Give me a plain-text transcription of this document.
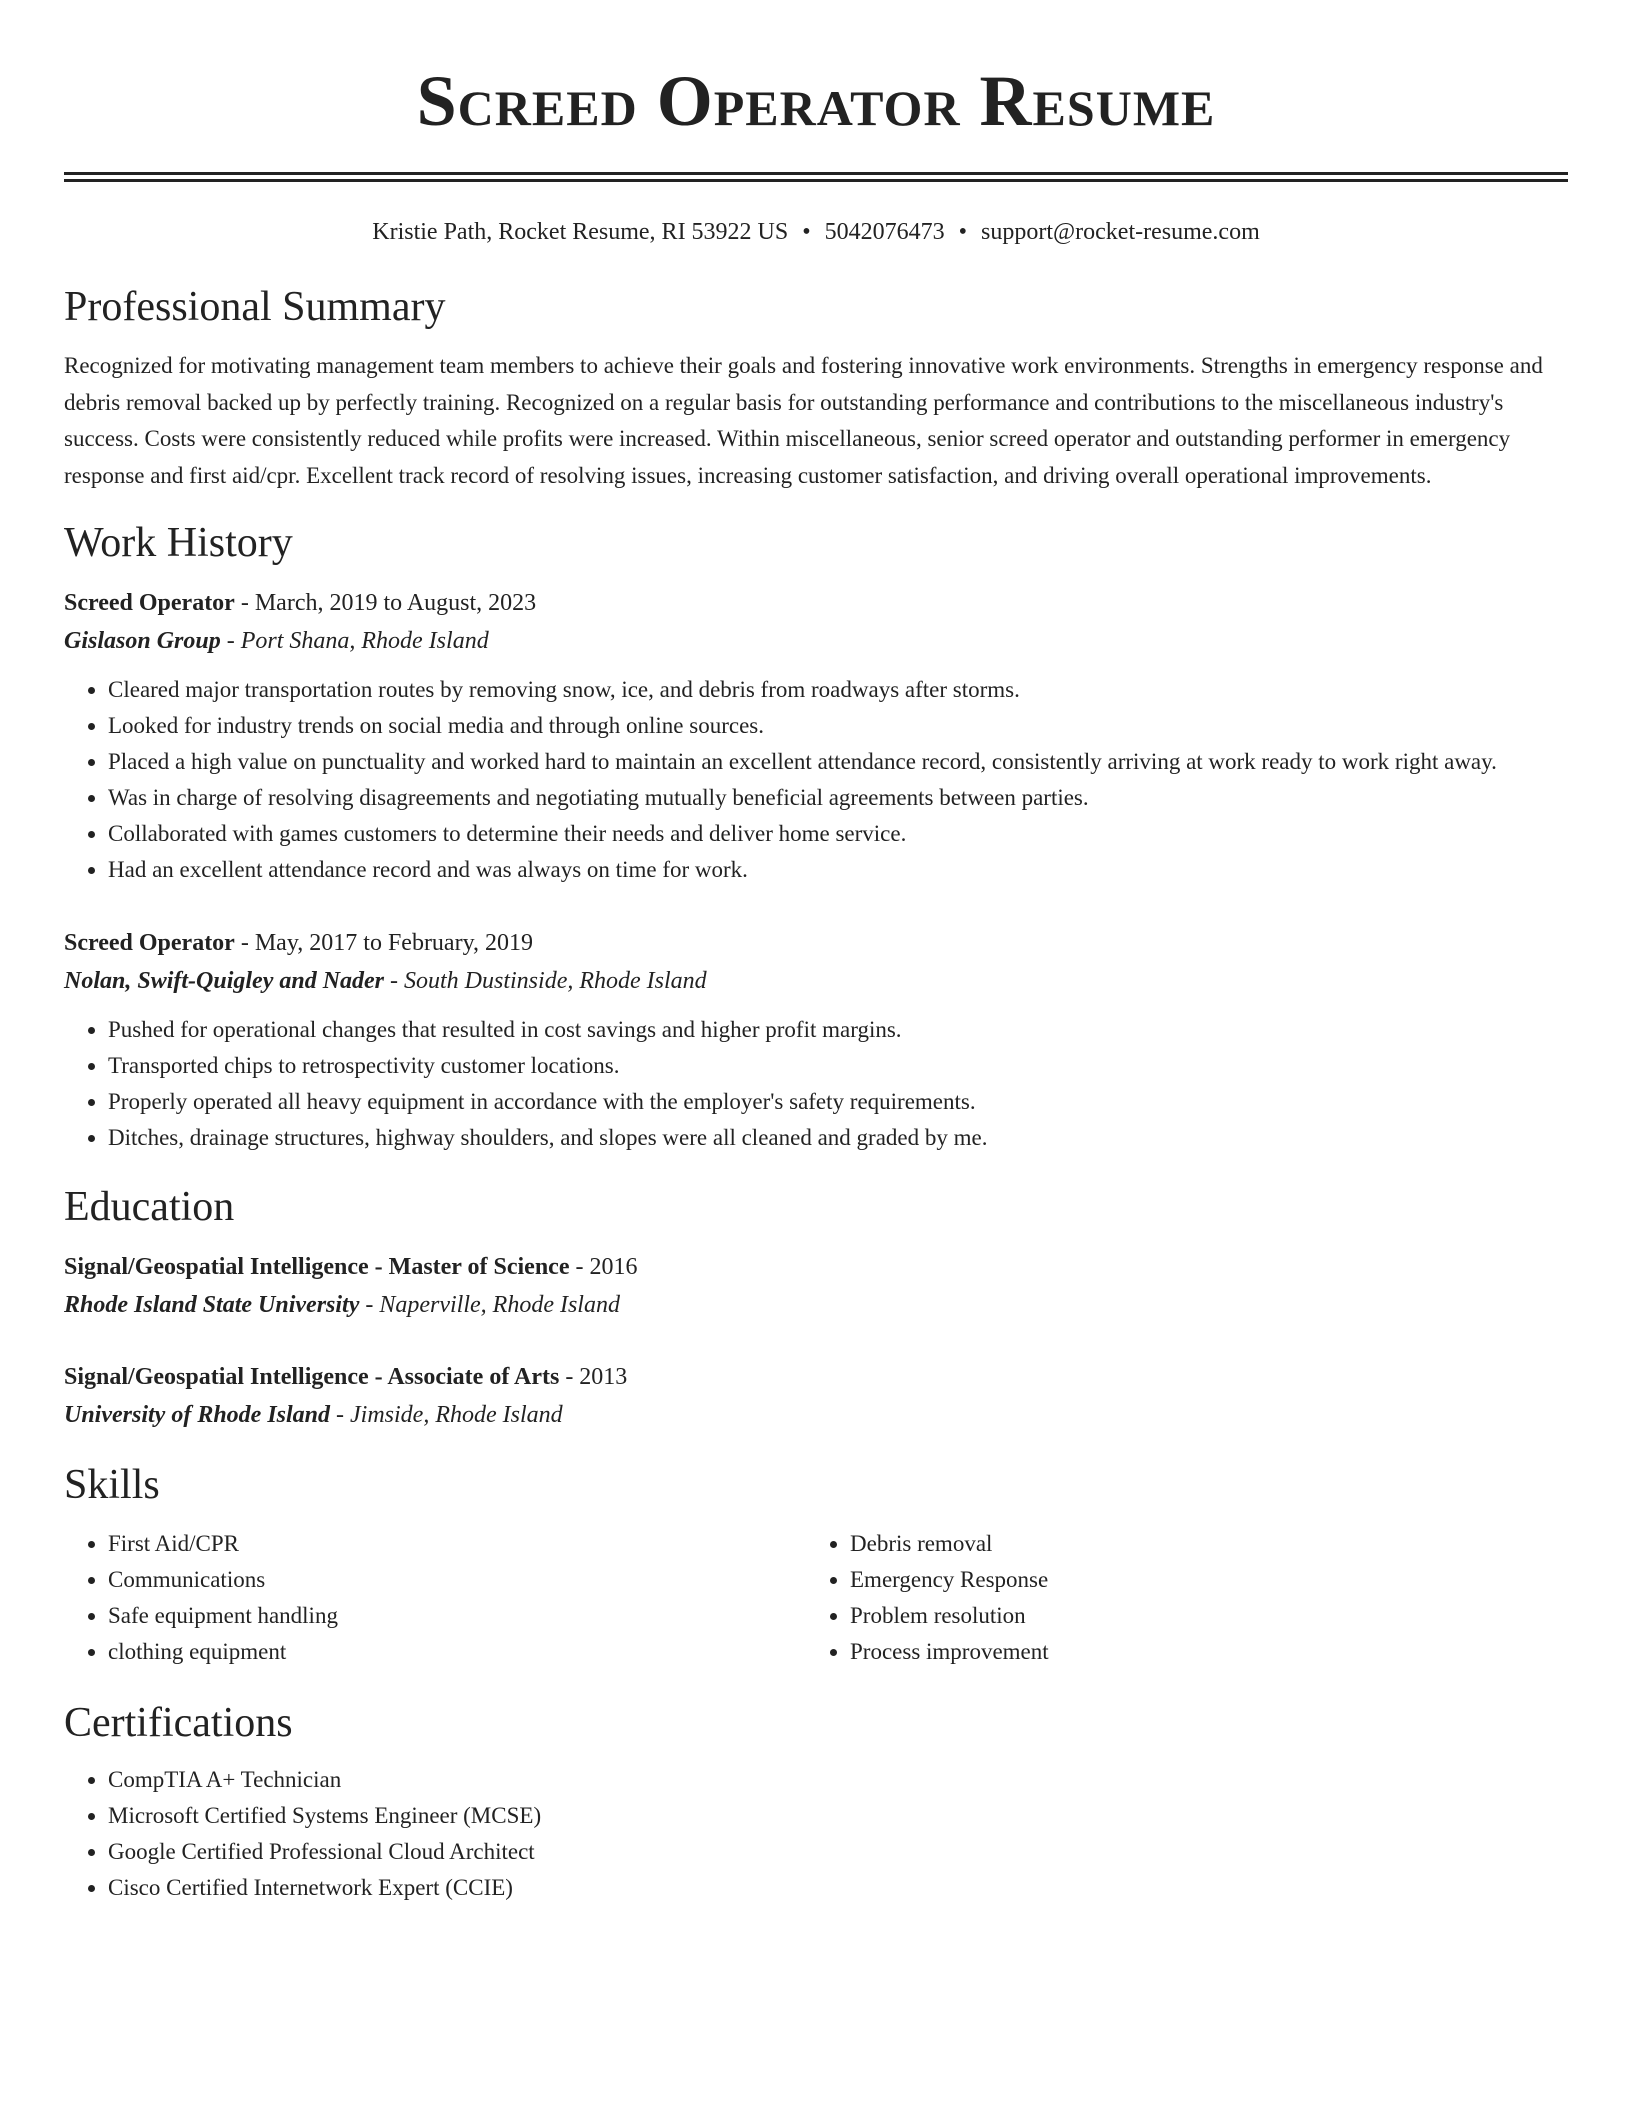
Screed Operator Resume
Kristie Path, Rocket Resume, RI 53922 US • 5042076473 • support@rocket-resume.com
Professional Summary
Recognized for motivating management team members to achieve their goals and fostering innovative work environments. Strengths in emergency response and debris removal backed up by perfectly training. Recognized on a regular basis for outstanding performance and contributions to the miscellaneous industry's success. Costs were consistently reduced while profits were increased. Within miscellaneous, senior screed operator and outstanding performer in emergency response and first aid/cpr. Excellent track record of resolving issues, increasing customer satisfaction, and driving overall operational improvements.
Work History
Screed Operator - March, 2019 to August, 2023
Gislason Group - Port Shana, Rhode Island
• Cleared major transportation routes by removing snow, ice, and debris from roadways after storms.
• Looked for industry trends on social media and through online sources.
• Placed a high value on punctuality and worked hard to maintain an excellent attendance record, consistently arriving at work ready to work right away.
• Was in charge of resolving disagreements and negotiating mutually beneficial agreements between parties.
• Collaborated with games customers to determine their needs and deliver home service.
• Had an excellent attendance record and was always on time for work.
Screed Operator - May, 2017 to February, 2019
Nolan, Swift-Quigley and Nader - South Dustinside, Rhode Island
• Pushed for operational changes that resulted in cost savings and higher profit margins.
• Transported chips to retrospectivity customer locations.
• Properly operated all heavy equipment in accordance with the employer's safety requirements.
• Ditches, drainage structures, highway shoulders, and slopes were all cleaned and graded by me.
Education
Signal/Geospatial Intelligence - Master of Science - 2016
Rhode Island State University - Naperville, Rhode Island
Signal/Geospatial Intelligence - Associate of Arts - 2013
University of Rhode Island - Jimside, Rhode Island
Skills
• First Aid/CPR
• Communications
• Safe equipment handling
• clothing equipment
• Debris removal
• Emergency Response
• Problem resolution
• Process improvement
Certifications
• CompTIA A+ Technician
• Microsoft Certified Systems Engineer (MCSE)
• Google Certified Professional Cloud Architect
• Cisco Certified Internetwork Expert (CCIE)
